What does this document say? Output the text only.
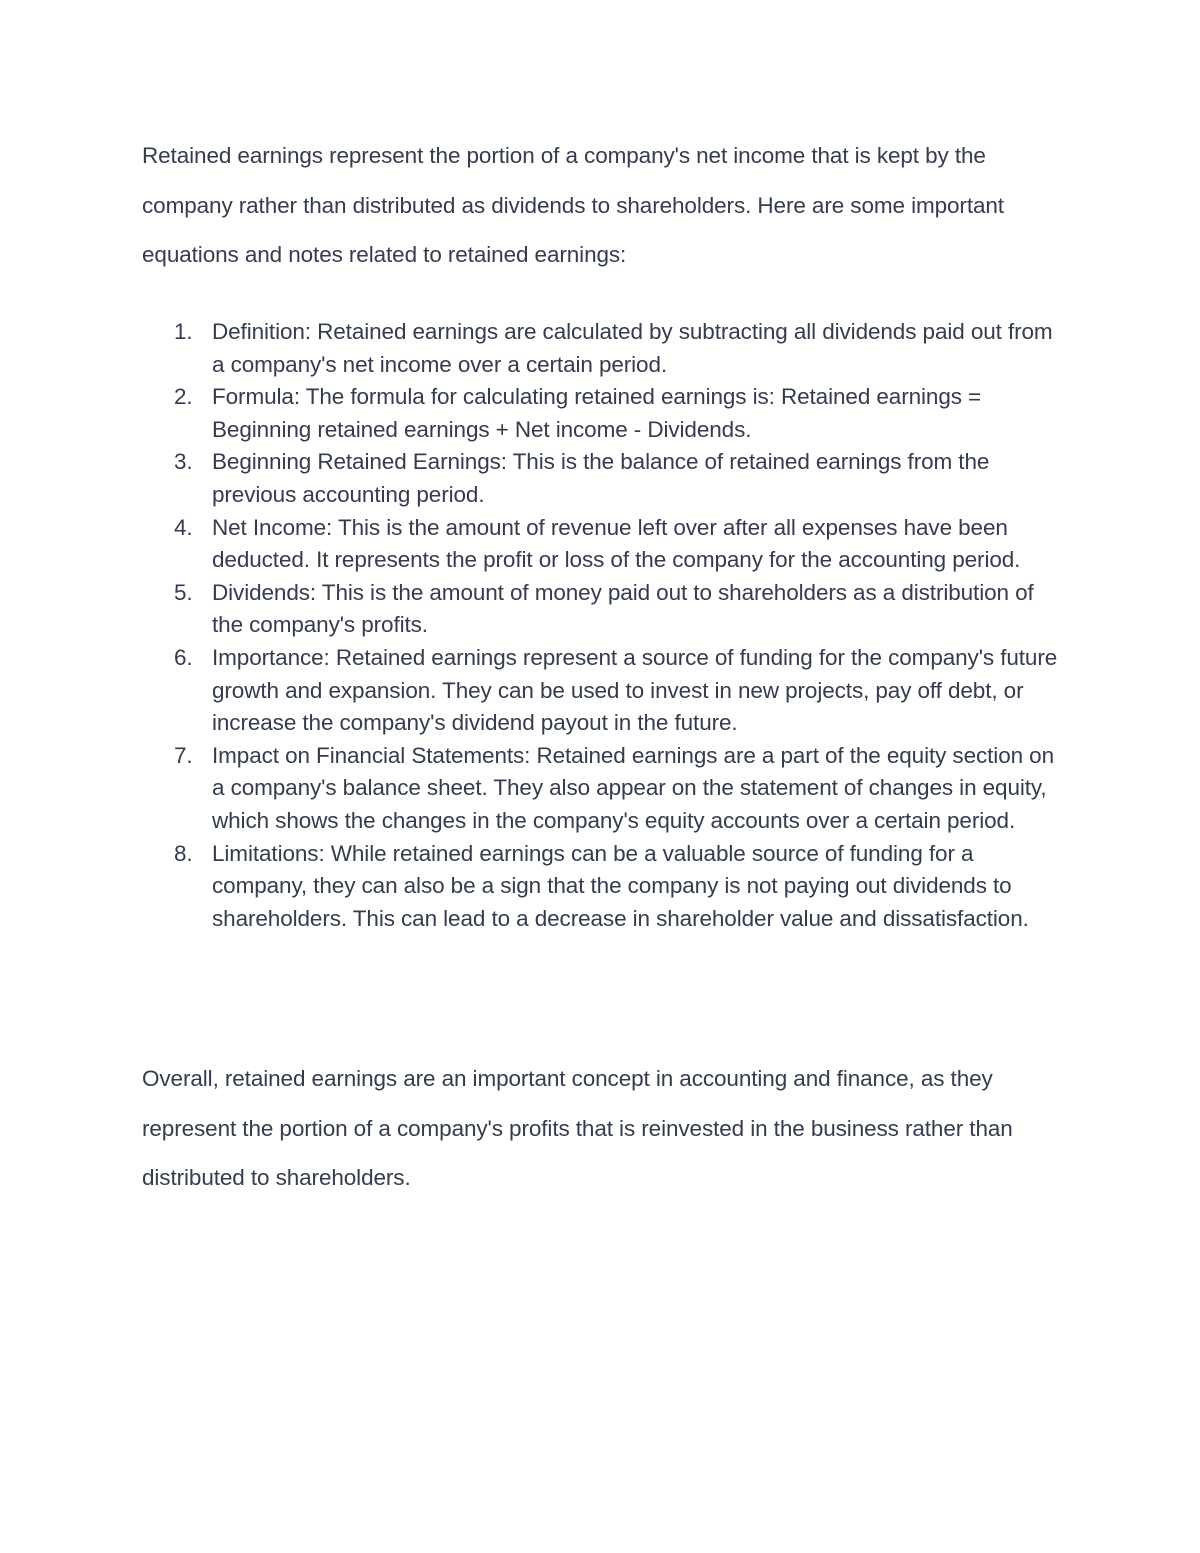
Retained earnings represent the portion of a company's net income that is kept by the company rather than distributed as dividends to shareholders. Here are some important equations and notes related to retained earnings:

1. Definition: Retained earnings are calculated by subtracting all dividends paid out from a company's net income over a certain period.
2. Formula: The formula for calculating retained earnings is: Retained earnings = Beginning retained earnings + Net income - Dividends.
3. Beginning Retained Earnings: This is the balance of retained earnings from the previous accounting period.
4. Net Income: This is the amount of revenue left over after all expenses have been deducted. It represents the profit or loss of the company for the accounting period.
5. Dividends: This is the amount of money paid out to shareholders as a distribution of the company's profits.
6. Importance: Retained earnings represent a source of funding for the company's future growth and expansion. They can be used to invest in new projects, pay off debt, or increase the company's dividend payout in the future.
7. Impact on Financial Statements: Retained earnings are a part of the equity section on a company's balance sheet. They also appear on the statement of changes in equity, which shows the changes in the company's equity accounts over a certain period.
8. Limitations: While retained earnings can be a valuable source of funding for a company, they can also be a sign that the company is not paying out dividends to shareholders. This can lead to a decrease in shareholder value and dissatisfaction.

Overall, retained earnings are an important concept in accounting and finance, as they represent the portion of a company's profits that is reinvested in the business rather than distributed to shareholders.
